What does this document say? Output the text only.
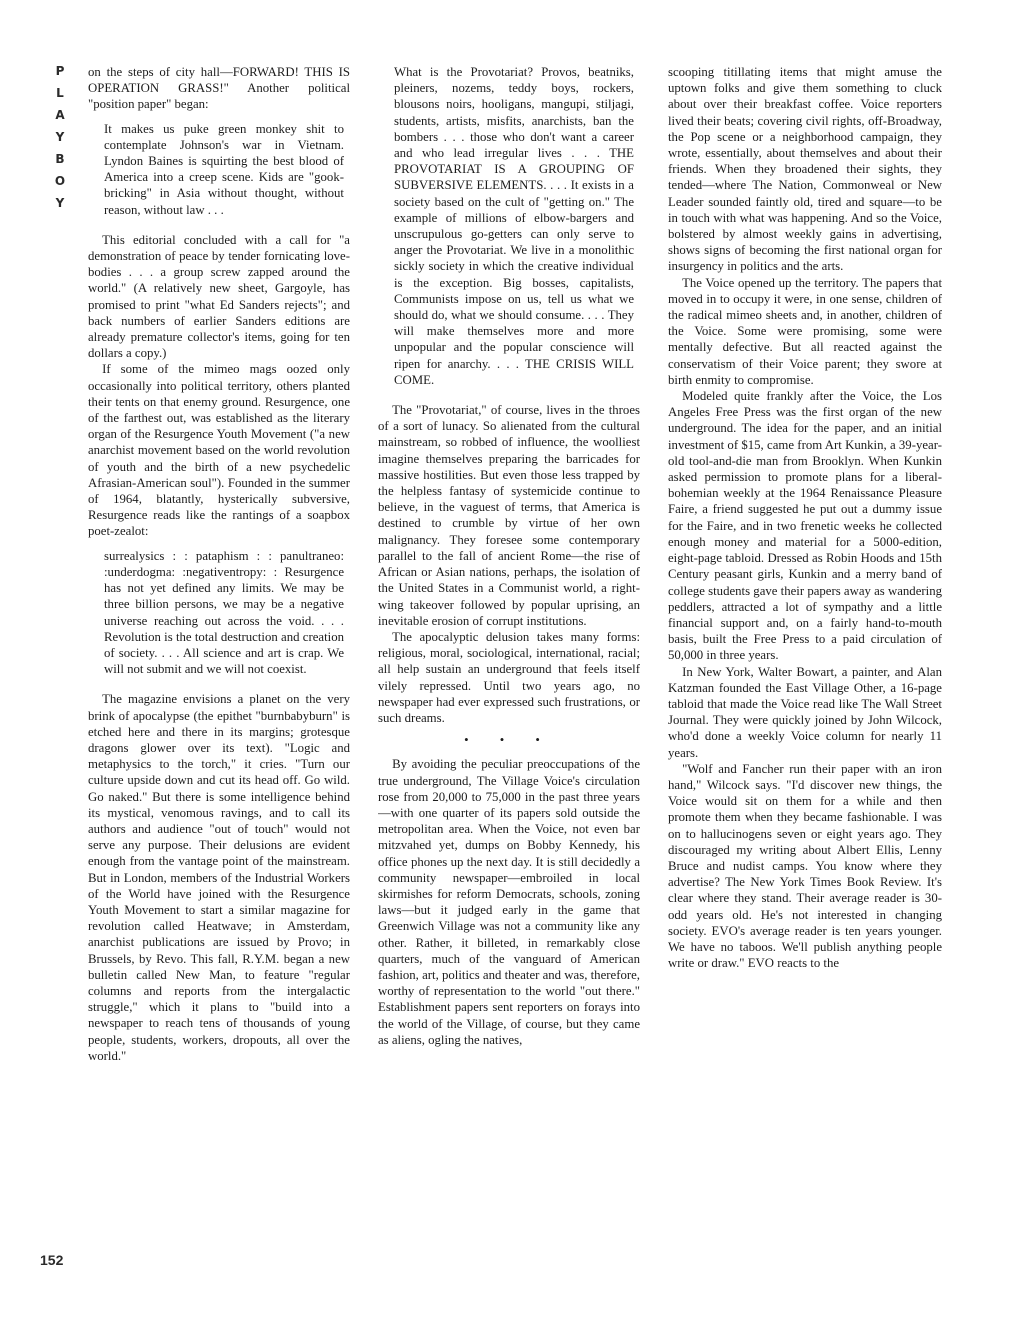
P
L
A
Y
B
O
Y

on the steps of city hall—FORWARD! THIS IS OPERATION GRASS!" Another political "position paper" began:

It makes us puke green monkey shit to contemplate Johnson's war in Vietnam. Lyndon Baines is squirting the best blood of America into a creep scene. Kids are "gook-bricking" in Asia without thought, without reason, without law . . .

This editorial concluded with a call for "a demonstration of peace by tender fornicating love-bodies . . . a group screw zapped around the world." (A relatively new sheet, Gargoyle, has promised to print "what Ed Sanders rejects"; and back numbers of earlier Sanders editions are already premature collector's items, going for ten dollars a copy.)

If some of the mimeo mags oozed only occasionally into political territory, others planted their tents on that enemy ground. Resurgence, one of the farthest out, was established as the literary organ of the Resurgence Youth Movement ("a new anarchist movement based on the world revolution of youth and the birth of a new psychedelic Afrasian-American soul"). Founded in the summer of 1964, blatantly, hysterically subversive, Resurgence reads like the rantings of a soapbox poet-zealot:

surrealysics : : pataphism : : panultraneo: :underdogma: :negativentropy: : Resurgence has not yet defined any limits. We may be three billion persons, we may be a negative universe reaching out across the void. . . . Revolution is the total destruction and creation of society. . . . All science and art is crap. We will not submit and we will not coexist.

The magazine envisions a planet on the very brink of apocalypse (the epithet "burnbabyburn" is etched here and there in its margins; grotesque dragons glower over its text). "Logic and metaphysics to the torch," it cries. "Turn our culture upside down and cut its head off. Go wild. Go naked." But there is some intelligence behind its mystical, venomous ravings, and to call its authors and audience "out of touch" would not serve any purpose. Their delusions are evident enough from the vantage point of the mainstream. But in London, members of the Industrial Workers of the World have joined with the Resurgence Youth Movement to start a similar magazine for revolution called Heatwave; in Amsterdam, anarchist publications are issued by Provo; in Brussels, by Revo. This fall, R.Y.M. began a new bulletin called New Man, to feature "regular columns and reports from the intergalactic struggle," which it plans to "build into a newspaper to reach tens of thousands of young people, students, workers, dropouts, all over the world."

What is the Provotariat? Provos, beatniks, pleiners, nozems, teddy boys, rockers, blousons noirs, hooligans, mangupi, stiljagi, students, artists, misfits, anarchists, ban the bombers . . . those who don't want a career and who lead irregular lives . . . THE PROVOTARIAT IS A GROUPING OF SUBVERSIVE ELEMENTS. . . . It exists in a society based on the cult of "getting on." The example of millions of elbow-bargers and unscrupulous go-getters can only serve to anger the Provotariat. We live in a monolithic sickly society in which the creative individual is the exception. Big bosses, capitalists, Communists impose on us, tell us what we should do, what we should consume. . . . They will make themselves more and more unpopular and the popular conscience will ripen for anarchy. . . . THE CRISIS WILL COME.

The "Provotariat," of course, lives in the throes of a sort of lunacy. So alienated from the cultural mainstream, so robbed of influence, the woolliest imagine themselves preparing the barricades for massive hostilities. But even those less trapped by the helpless fantasy of systemicide continue to believe, in the vaguest of terms, that America is destined to crumble by virtue of her own malignancy. They foresee some contemporary parallel to the fall of ancient Rome—the rise of African or Asian nations, perhaps, the isolation of the United States in a Communist world, a right-wing takeover followed by popular uprising, an inevitable erosion of corrupt institutions.

The apocalyptic delusion takes many forms: religious, moral, sociological, international, racial; all help sustain an underground that feels itself vilely repressed. Until two years ago, no newspaper had ever expressed such frustrations, or such dreams.

• • •

By avoiding the peculiar preoccupations of the true underground, The Village Voice's circulation rose from 20,000 to 75,000 in the past three years—with one quarter of its papers sold outside the metropolitan area. When the Voice, not even bar mitzvahed yet, dumps on Bobby Kennedy, his office phones up the next day. It is still decidedly a community newspaper—embroiled in local skirmishes for reform Democrats, schools, zoning laws—but it judged early in the game that Greenwich Village was not a community like any other. Rather, it billeted, in remarkably close quarters, much of the vanguard of American fashion, art, politics and theater and was, therefore, worthy of representation to the world "out there." Establishment papers sent reporters on forays into the world of the Village, of course, but they came as aliens, ogling the natives,

scooping titillating items that might amuse the uptown folks and give them something to cluck about over their breakfast coffee. Voice reporters lived their beats; covering civil rights, off-Broadway, the Pop scene or a neighborhood campaign, they wrote, essentially, about themselves and about their friends. When they broadened their sights, they tended—where The Nation, Commonweal or New Leader sounded faintly old, tired and square—to be in touch with what was happening. And so the Voice, bolstered by almost weekly gains in advertising, shows signs of becoming the first national organ for insurgency in politics and the arts.

The Voice opened up the territory. The papers that moved in to occupy it were, in one sense, children of the radical mimeo sheets and, in another, children of the Voice. Some were promising, some were mentally defective. But all reacted against the conservatism of their Voice parent; they swore at birth enmity to compromise.

Modeled quite frankly after the Voice, the Los Angeles Free Press was the first organ of the new underground. The idea for the paper, and an initial investment of $15, came from Art Kunkin, a 39-year-old tool-and-die man from Brooklyn. When Kunkin asked permission to promote plans for a liberal-bohemian weekly at the 1964 Renaissance Pleasure Faire, a friend suggested he put out a dummy issue for the Faire, and in two frenetic weeks he collected enough money and material for a 5000-edition, eight-page tabloid. Dressed as Robin Hoods and 15th Century peasant girls, Kunkin and a merry band of college students gave their papers away as wandering peddlers, attracted a lot of sympathy and a little financial support and, on a fairly hand-to-mouth basis, built the Free Press to a paid circulation of 50,000 in three years.

In New York, Walter Bowart, a painter, and Alan Katzman founded the East Village Other, a 16-page tabloid that made the Voice read like The Wall Street Journal. They were quickly joined by John Wilcock, who'd done a weekly Voice column for nearly 11 years.

"Wolf and Fancher run their paper with an iron hand," Wilcock says. "I'd discover new things, the Voice would sit on them for a while and then promote them when they became fashionable. I was on to hallucinogens seven or eight years ago. They discouraged my writing about Albert Ellis, Lenny Bruce and nudist camps. You know where they advertise? The New York Times Book Review. It's clear where they stand. Their average reader is 30-odd years old. He's not interested in changing society. EVO's average reader is ten years younger. We have no taboos. We'll publish anything people write or draw." EVO reacts to the

152
